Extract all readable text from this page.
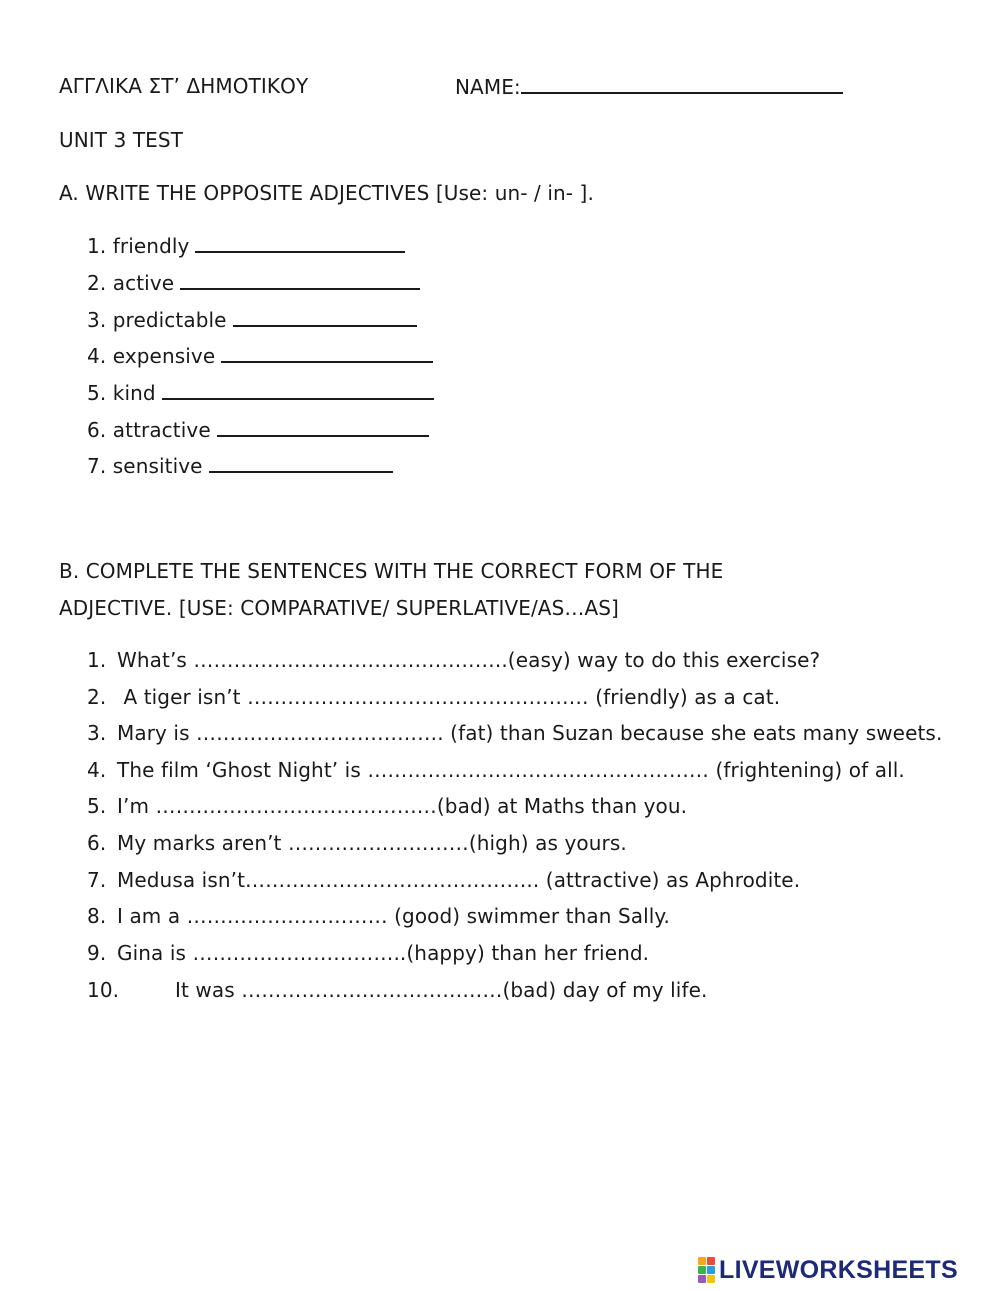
ΑΓΓΛΙΚΑ ΣΤ’ ΔΗΜΟΤΙΚΟΥ	NAME:
UNIT 3 TEST
A. WRITE THE OPPOSITE ADJECTIVES [Use: un- / in- ].
1. friendly
2. active
3. predictable
4. expensive
5. kind
6. attractive
7. sensitive
B. COMPLETE THE SENTENCES WITH THE CORRECT FORM OF THE
ADJECTIVE. [USE: COMPARATIVE/ SUPERLATIVE/AS…AS]
1. What’s ………………………………………..(easy) way to do this exercise?
2. A tiger isn’t …………………………………………… (friendly) as a cat.
3. Mary is ………………………………. (fat) than Suzan because she eats many sweets.
4. The film ‘Ghost Night’ is …………………………………………… (frightening) of all.
5. I’m ……………………………………(bad) at Maths than you.
6. My marks aren’t ………………………(high) as yours.
7. Medusa isn’t…………………………………….. (attractive) as Aphrodite.
8. I am a ………………………… (good) swimmer than Sally.
9. Gina is …………………………..(happy) than her friend.
10.	It was …………………………………(bad) day of my life.
LIVEWORKSHEETS
